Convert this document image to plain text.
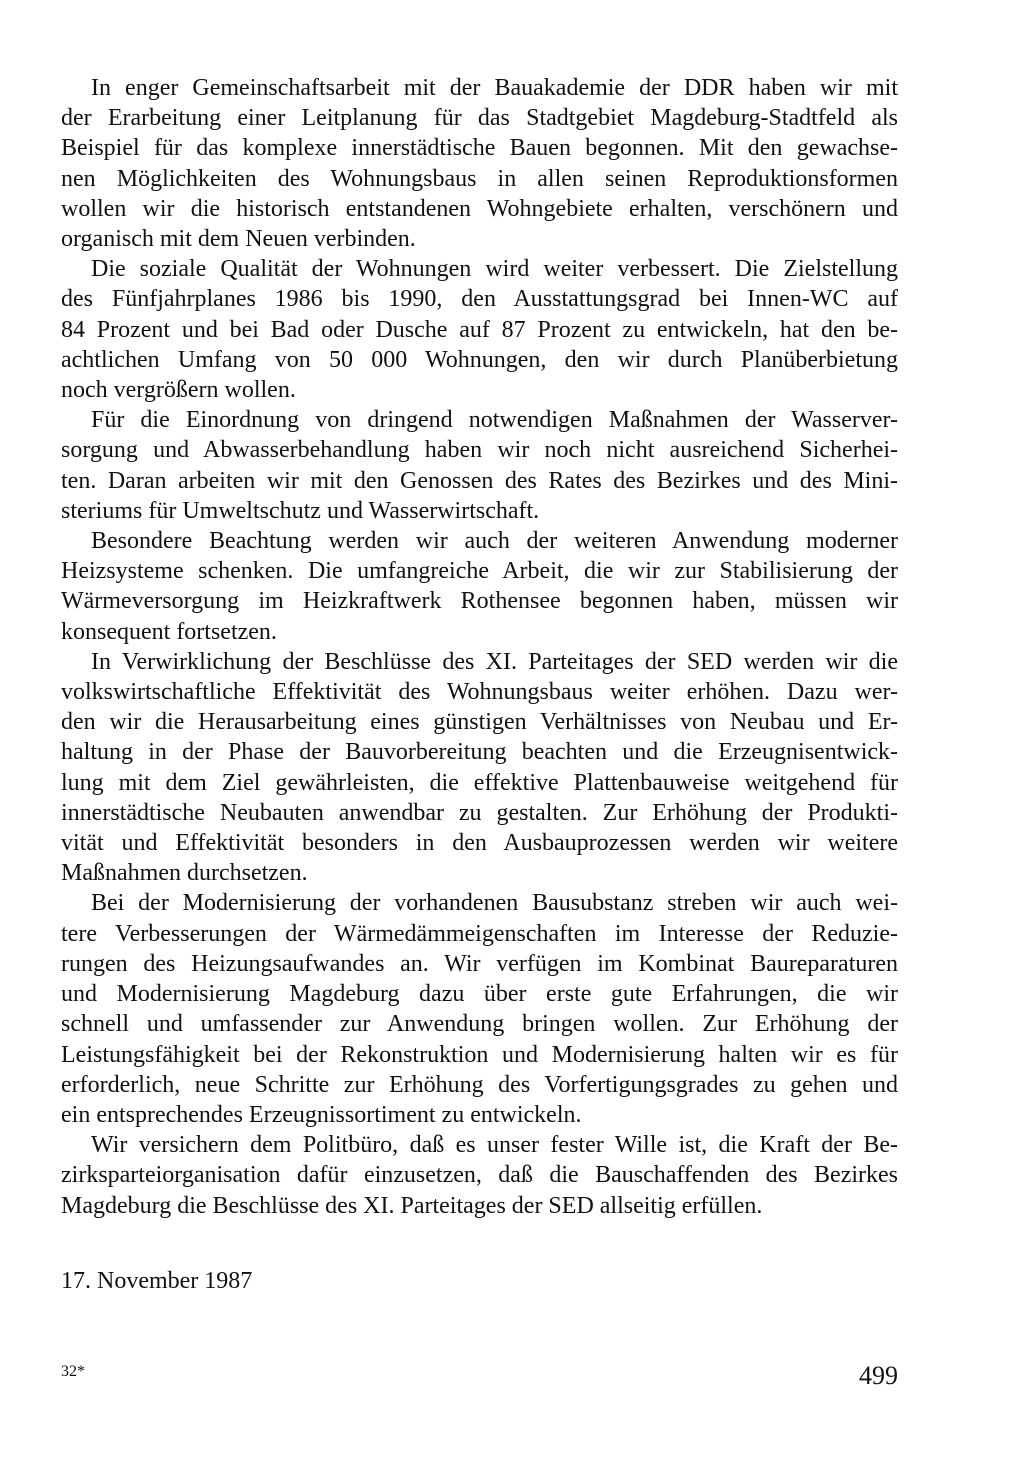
In enger Gemeinschaftsarbeit mit der Bauakademie der DDR haben wir mit
der Erarbeitung einer Leitplanung für das Stadtgebiet Magdeburg-Stadtfeld als
Beispiel für das komplexe innerstädtische Bauen begonnen. Mit den gewachse-
nen Möglichkeiten des Wohnungsbaus in allen seinen Reproduktionsformen
wollen wir die historisch entstandenen Wohngebiete erhalten, verschönern und
organisch mit dem Neuen verbinden.

Die soziale Qualität der Wohnungen wird weiter verbessert. Die Zielstellung
des Fünfjahrplanes 1986 bis 1990, den Ausstattungsgrad bei Innen-WC auf
84 Prozent und bei Bad oder Dusche auf 87 Prozent zu entwickeln, hat den be-
achtlichen Umfang von 50 000 Wohnungen, den wir durch Planüberbietung
noch vergrößern wollen.

Für die Einordnung von dringend notwendigen Maßnahmen der Wasserver-
sorgung und Abwasserbehandlung haben wir noch nicht ausreichend Sicherhei-
ten. Daran arbeiten wir mit den Genossen des Rates des Bezirkes und des Mini-
steriums für Umweltschutz und Wasserwirtschaft.

Besondere Beachtung werden wir auch der weiteren Anwendung moderner
Heizsysteme schenken. Die umfangreiche Arbeit, die wir zur Stabilisierung der
Wärmeversorgung im Heizkraftwerk Rothensee begonnen haben, müssen wir
konsequent fortsetzen.

In Verwirklichung der Beschlüsse des XI. Parteitages der SED werden wir die
volkswirtschaftliche Effektivität des Wohnungsbaus weiter erhöhen. Dazu wer-
den wir die Herausarbeitung eines günstigen Verhältnisses von Neubau und Er-
haltung in der Phase der Bauvorbereitung beachten und die Erzeugnisentwick-
lung mit dem Ziel gewährleisten, die effektive Plattenbauweise weitgehend für
innerstädtische Neubauten anwendbar zu gestalten. Zur Erhöhung der Produkti-
vität und Effektivität besonders in den Ausbauprozessen werden wir weitere
Maßnahmen durchsetzen.

Bei der Modernisierung der vorhandenen Bausubstanz streben wir auch wei-
tere Verbesserungen der Wärmedämmeigenschaften im Interesse der Reduzie-
rungen des Heizungsaufwandes an. Wir verfügen im Kombinat Baureparaturen
und Modernisierung Magdeburg dazu über erste gute Erfahrungen, die wir
schnell und umfassender zur Anwendung bringen wollen. Zur Erhöhung der
Leistungsfähigkeit bei der Rekonstruktion und Modernisierung halten wir es für
erforderlich, neue Schritte zur Erhöhung des Vorfertigungsgrades zu gehen und
ein entsprechendes Erzeugnissortiment zu entwickeln.

Wir versichern dem Politbüro, daß es unser fester Wille ist, die Kraft der Be-
zirksparteiorganisation dafür einzusetzen, daß die Bauschaffenden des Bezirkes
Magdeburg die Beschlüsse des XI. Parteitages der SED allseitig erfüllen.

17. November 1987
32*	499
